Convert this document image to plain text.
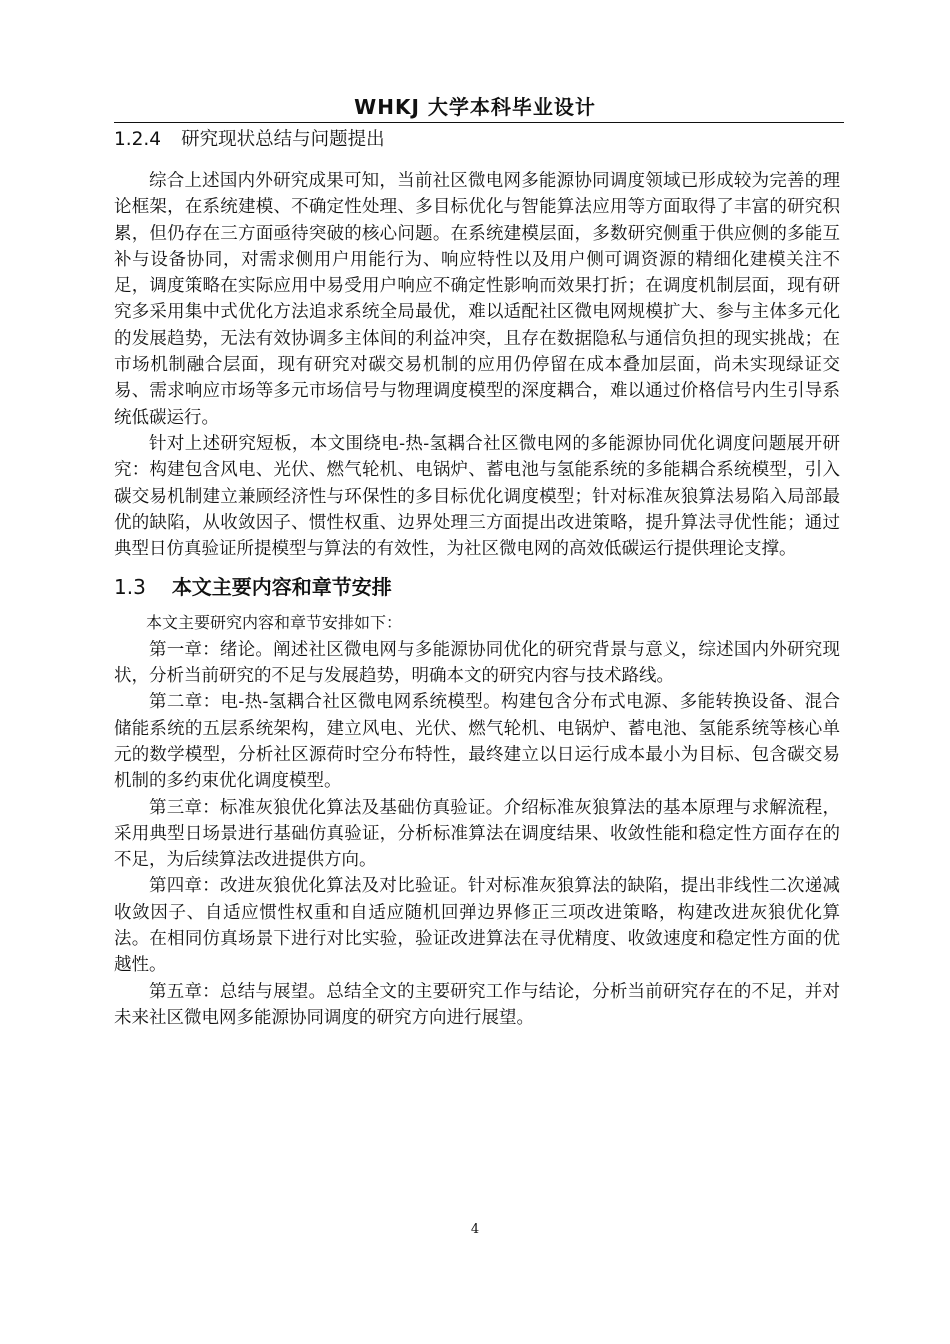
WHKJ 大学本科毕业设计
1.2.4 研究现状总结与问题提出

综合上述国内外研究成果可知，当前社区微电网多能源协同调度领域已形成较为完善的理论框架，在系统建模、不确定性处理、多目标优化与智能算法应用等方面取得了丰富的研究积累，但仍存在三方面亟待突破的核心问题。在系统建模层面，多数研究侧重于供应侧的多能互补与设备协同，对需求侧用户用能行为、响应特性以及用户侧可调资源的精细化建模关注不足，调度策略在实际应用中易受用户响应不确定性影响而效果打折；在调度机制层面，现有研究多采用集中式优化方法追求系统全局最优，难以适配社区微电网规模扩大、参与主体多元化的发展趋势，无法有效协调多主体间的利益冲突，且存在数据隐私与通信负担的现实挑战；在市场机制融合层面，现有研究对碳交易机制的应用仍停留在成本叠加层面，尚未实现绿证交易、需求响应市场等多元市场信号与物理调度模型的深度耦合，难以通过价格信号内生引导系统低碳运行。

针对上述研究短板，本文围绕电-热-氢耦合社区微电网的多能源协同优化调度问题展开研究：构建包含风电、光伏、燃气轮机、电锅炉、蓄电池与氢能系统的多能耦合系统模型，引入碳交易机制建立兼顾经济性与环保性的多目标优化调度模型；针对标准灰狼算法易陷入局部最优的缺陷，从收敛因子、惯性权重、边界处理三方面提出改进策略，提升算法寻优性能；通过典型日仿真验证所提模型与算法的有效性，为社区微电网的高效低碳运行提供理论支撑。

1.3 本文主要内容和章节安排

本文主要研究内容和章节安排如下：

第一章：绪论。阐述社区微电网与多能源协同优化的研究背景与意义，综述国内外研究现状，分析当前研究的不足与发展趋势，明确本文的研究内容与技术路线。

第二章：电-热-氢耦合社区微电网系统模型。构建包含分布式电源、多能转换设备、混合储能系统的五层系统架构，建立风电、光伏、燃气轮机、电锅炉、蓄电池、氢能系统等核心单元的数学模型，分析社区源荷时空分布特性，最终建立以日运行成本最小为目标、包含碳交易机制的多约束优化调度模型。

第三章：标准灰狼优化算法及基础仿真验证。介绍标准灰狼算法的基本原理与求解流程，采用典型日场景进行基础仿真验证，分析标准算法在调度结果、收敛性能和稳定性方面存在的不足，为后续算法改进提供方向。

第四章：改进灰狼优化算法及对比验证。针对标准灰狼算法的缺陷，提出非线性二次递减收敛因子、自适应惯性权重和自适应随机回弹边界修正三项改进策略，构建改进灰狼优化算法。在相同仿真场景下进行对比实验，验证改进算法在寻优精度、收敛速度和稳定性方面的优越性。

第五章：总结与展望。总结全文的主要研究工作与结论，分析当前研究存在的不足，并对未来社区微电网多能源协同调度的研究方向进行展望。

4
